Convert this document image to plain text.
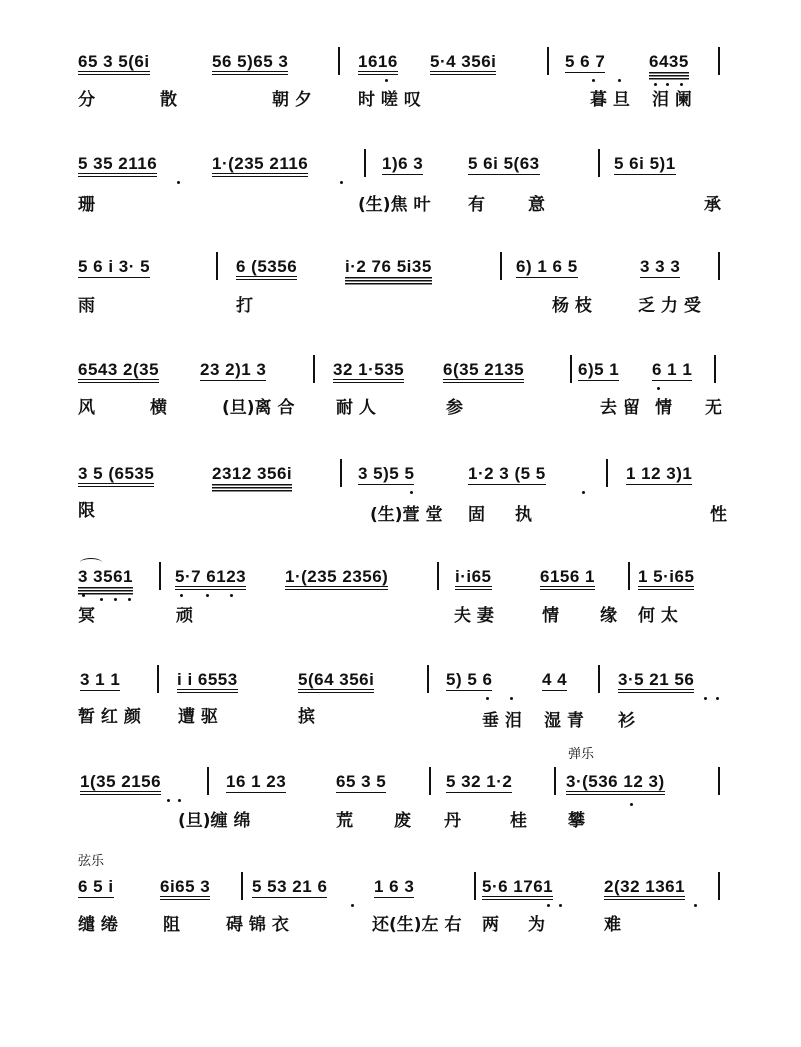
65 3 5(6i	56 5)65 3	1616 5·4 356i	5 6 7	6435
分	散	朝 夕	时 嗟 叹	暮 旦 泪 阑
5 35 2116	1·(235 2116	1)6 3	5 6i 5(63	5 6i 5)1
珊	(生)焦 叶 有	意	承
5 6 i 3· 5	6 (5356	i·2 76 5i35	6) 1 6 5	3 3 3
雨	打	杨 枝	乏 力 受
6543 2(35 23 2)1 3	32 1·535 6(35 2135	6)5 1 6 1 1
风	横	(旦)离 合 耐 人	参	去 留 情 无
3 5 (6535	2312 356i	3 5)5 5	1·2 3 (5 5	1 12 3)1
限	(生)萱 堂 固 执	性
3 3561 5·7 6123 1·(235 2356)	i·i65	6156 1	1 5·i65
冥	顽	夫 妻	情 缘 何 太
3 1 1	i i 6553	5(64 356i	5) 5 6	4 4	3·5 21 56
暂 红 颜 遭 驱	摈	垂 泪 湿 青 衫
弹乐
1(35 2156	16 1 23	65 3 5	5 32 1·2	3·(536 12 3)
(旦)缠 绵	荒 废 丹	桂 攀
弦乐
6 5 i	6i65 3 5 53 21 6	1 6 3	5·6 1761	2(32 1361
缱 绻	阻	碍 锦 衣	还(生)左 右 两 为	难
